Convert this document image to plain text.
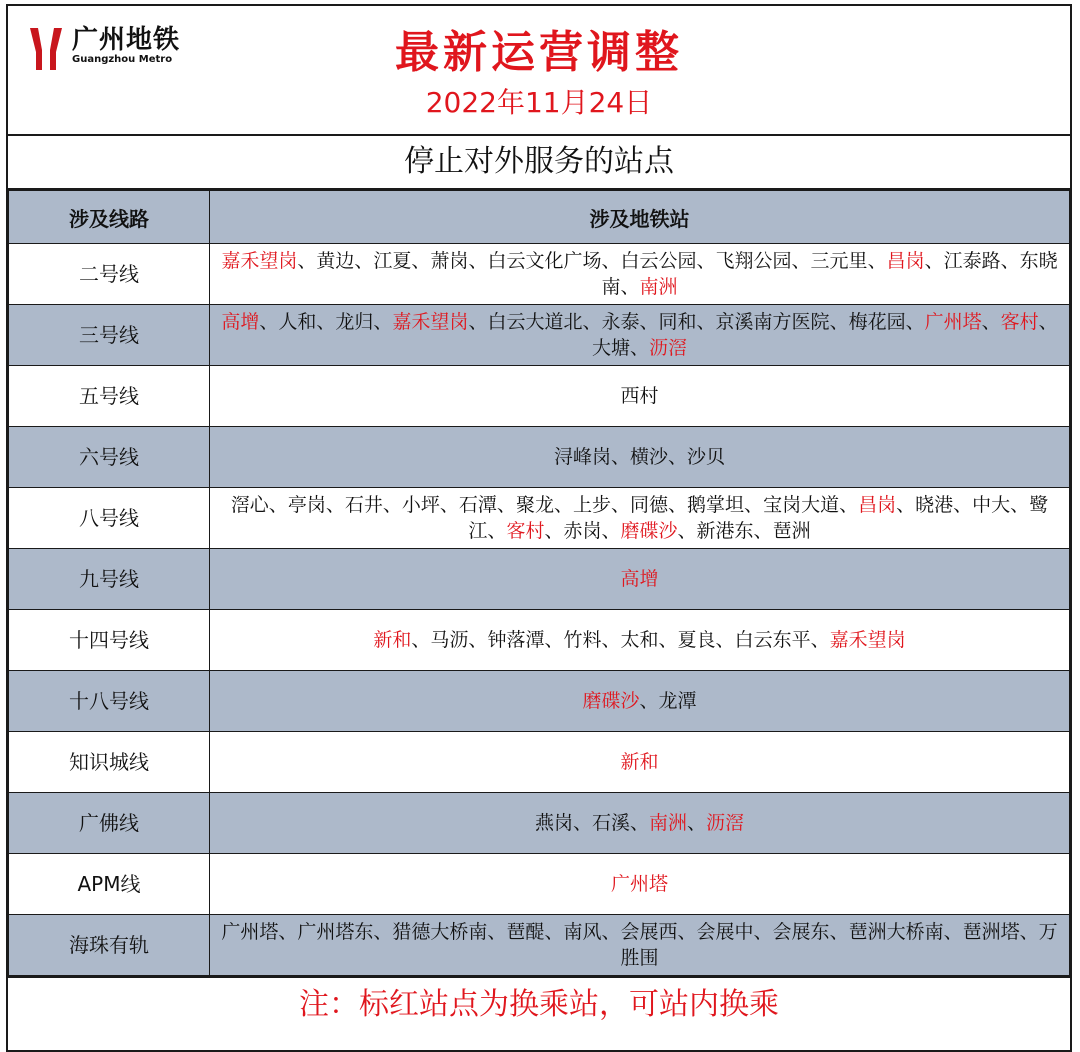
广州地铁
Guangzhou Metro	最新运营调整
2022年11月24日
停止对外服务的站点
涉及线路	涉及地铁站
二号线	嘉禾望岗、黄边、江夏、萧岗、白云文化广场、白云公园、飞翔公园、三元里、昌岗、江泰路、东晓南、南洲
三号线	高增、人和、龙归、嘉禾望岗、白云大道北、永泰、同和、京溪南方医院、梅花园、广州塔、客村、大塘、沥滘
五号线	西村
六号线	浔峰岗、横沙、沙贝
八号线	滘心、亭岗、石井、小坪、石潭、聚龙、上步、同德、鹅掌坦、宝岗大道、昌岗、晓港、中大、鹭江、客村、赤岗、磨碟沙、新港东、琶洲
九号线	高增
十四号线	新和、马沥、钟落潭、竹料、太和、夏良、白云东平、嘉禾望岗
十八号线	磨碟沙、龙潭
知识城线	新和
广佛线	燕岗、石溪、南洲、沥滘
APM线	广州塔
海珠有轨	广州塔、广州塔东、猎德大桥南、琶醍、南风、会展西、会展中、会展东、琶洲大桥南、琶洲塔、万胜围
注：标红站点为换乘站，可站内换乘
